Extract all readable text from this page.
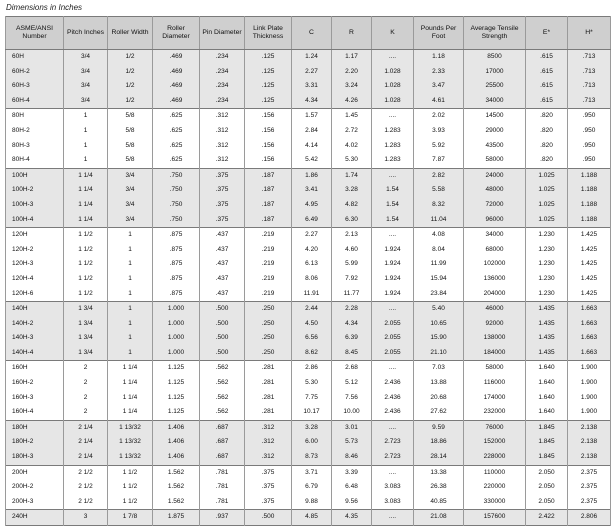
Dimensions in Inches
ASME/ANSI Number	Pitch Inches	Roller Width	Roller Diameter	Pin Diameter	Link Plate Thickness	C	R	K	Pounds Per Foot	Average Tensile Strength	E*	H*
60H	3/4	1/2	.469	.234	.125	1.24	1.17	....	1.18	8500	.615	.713
60H-2	3/4	1/2	.469	.234	.125	2.27	2.20	1.028	2.33	17000	.615	.713
60H-3	3/4	1/2	.469	.234	.125	3.31	3.24	1.028	3.47	25500	.615	.713
60H-4	3/4	1/2	.469	.234	.125	4.34	4.26	1.028	4.61	34000	.615	.713
80H	1	5/8	.625	.312	.156	1.57	1.45	....	2.02	14500	.820	.950
80H-2	1	5/8	.625	.312	.156	2.84	2.72	1.283	3.93	29000	.820	.950
80H-3	1	5/8	.625	.312	.156	4.14	4.02	1.283	5.92	43500	.820	.950
80H-4	1	5/8	.625	.312	.156	5.42	5.30	1.283	7.87	58000	.820	.950
100H	1 1/4	3/4	.750	.375	.187	1.86	1.74	....	2.82	24000	1.025	1.188
100H-2	1 1/4	3/4	.750	.375	.187	3.41	3.28	1.54	5.58	48000	1.025	1.188
100H-3	1 1/4	3/4	.750	.375	.187	4.95	4.82	1.54	8.32	72000	1.025	1.188
100H-4	1 1/4	3/4	.750	.375	.187	6.49	6.30	1.54	11.04	96000	1.025	1.188
120H	1 1/2	1	.875	.437	.219	2.27	2.13	....	4.08	34000	1.230	1.425
120H-2	1 1/2	1	.875	.437	.219	4.20	4.60	1.924	8.04	68000	1.230	1.425
120H-3	1 1/2	1	.875	.437	.219	6.13	5.99	1.924	11.99	102000	1.230	1.425
120H-4	1 1/2	1	.875	.437	.219	8.06	7.92	1.924	15.94	136000	1.230	1.425
120H-6	1 1/2	1	.875	.437	.219	11.91	11.77	1.924	23.84	204000	1.230	1.425
140H	1 3/4	1	1.000	.500	.250	2.44	2.28	....	5.40	46000	1.435	1.663
140H-2	1 3/4	1	1.000	.500	.250	4.50	4.34	2.055	10.65	92000	1.435	1.663
140H-3	1 3/4	1	1.000	.500	.250	6.56	6.39	2.055	15.90	138000	1.435	1.663
140H-4	1 3/4	1	1.000	.500	.250	8.62	8.45	2.055	21.10	184000	1.435	1.663
160H	2	1 1/4	1.125	.562	.281	2.86	2.68	....	7.03	58000	1.640	1.900
160H-2	2	1 1/4	1.125	.562	.281	5.30	5.12	2.436	13.88	116000	1.640	1.900
160H-3	2	1 1/4	1.125	.562	.281	7.75	7.56	2.436	20.68	174000	1.640	1.900
160H-4	2	1 1/4	1.125	.562	.281	10.17	10.00	2.436	27.62	232000	1.640	1.900
180H	2 1/4	1 13/32	1.406	.687	.312	3.28	3.01	....	9.59	76000	1.845	2.138
180H-2	2 1/4	1 13/32	1.406	.687	.312	6.00	5.73	2.723	18.86	152000	1.845	2.138
180H-3	2 1/4	1 13/32	1.406	.687	.312	8.73	8.46	2.723	28.14	228000	1.845	2.138
200H	2 1/2	1 1/2	1.562	.781	.375	3.71	3.39	....	13.38	110000	2.050	2.375
200H-2	2 1/2	1 1/2	1.562	.781	.375	6.79	6.48	3.083	26.38	220000	2.050	2.375
200H-3	2 1/2	1 1/2	1.562	.781	.375	9.88	9.56	3.083	40.85	330000	2.050	2.375
240H	3	1 7/8	1.875	.937	.500	4.85	4.35	....	21.08	157600	2.422	2.806
